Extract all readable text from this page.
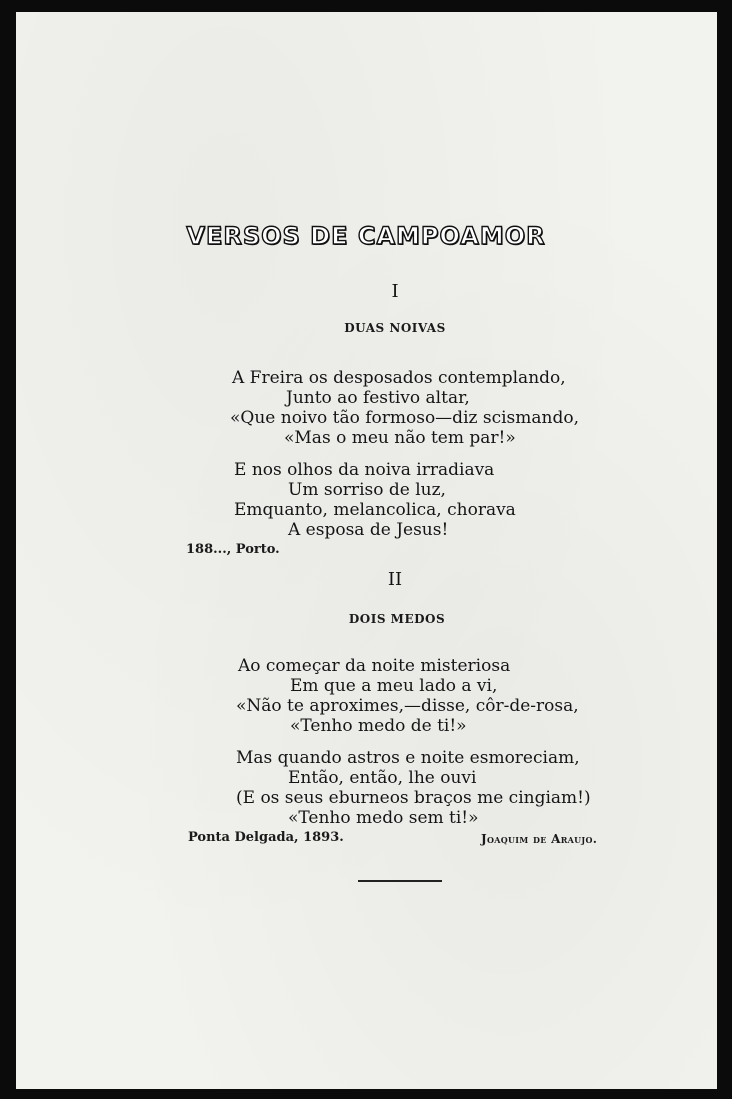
VERSOS DE CAMPOAMOR
I
DUAS NOIVAS
A Freira os desposados contemplando,
Junto ao festivo altar,
«Que noivo tão formoso—diz scismando,
«Mas o meu não tem par!»
E nos olhos da noiva irradiava
Um sorriso de luz,
Emquanto, melancolica, chorava
A esposa de Jesus!
188..., Porto.
II
DOIS MEDOS
Ao começar da noite misteriosa
Em que a meu lado a vi,
«Não te aproximes,—disse, côr-de-rosa,
«Tenho medo de ti!»
Mas quando astros e noite esmoreciam,
Então, então, lhe ouvi
(E os seus eburneos braços me cingiam!)
«Tenho medo sem ti!»
Ponta Delgada, 1893.	Joaquim de Araujo.
